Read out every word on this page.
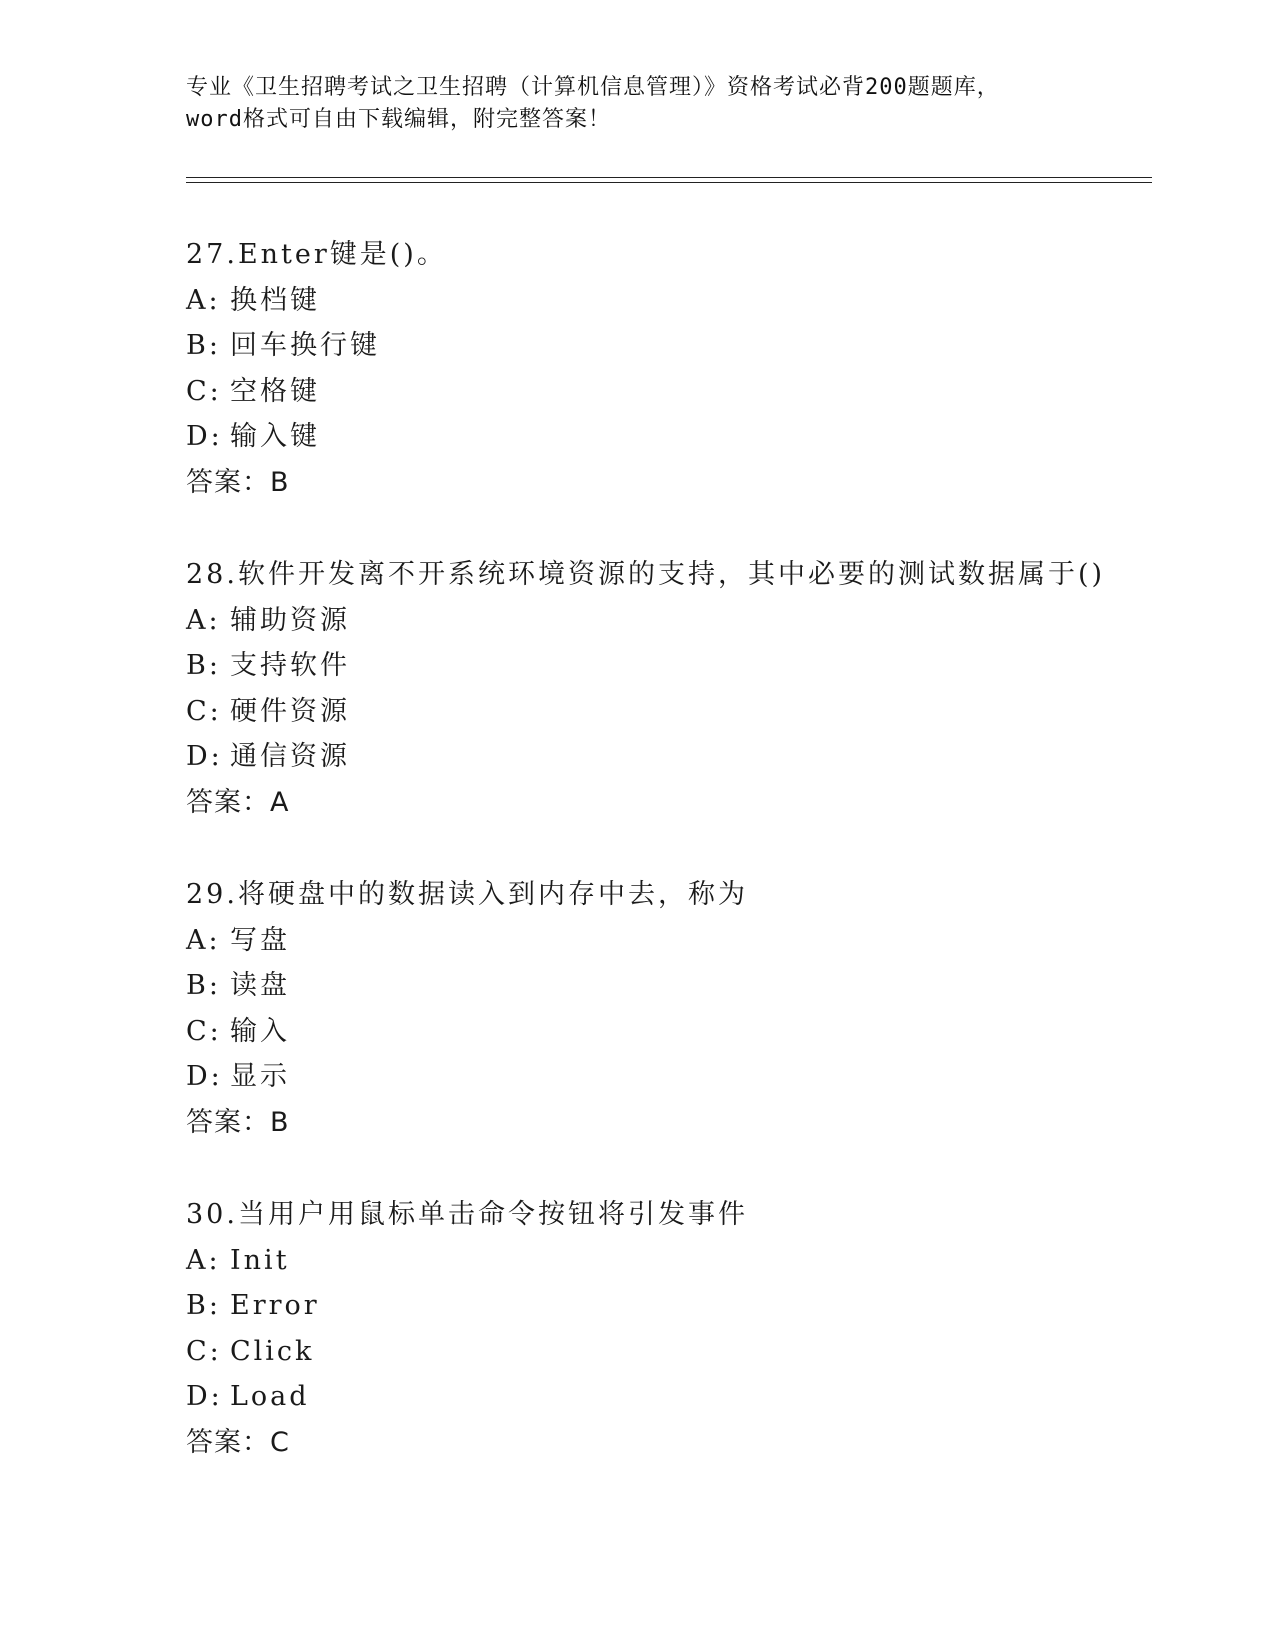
专业《卫生招聘考试之卫生招聘（计算机信息管理）》资格考试必背200题题库，
word格式可自由下载编辑，附完整答案！
27.Enter键是()。
A: 换档键
B: 回车换行键
C: 空格键
D: 输入键
答案：B
28.软件开发离不开系统环境资源的支持，其中必要的测试数据属于()
A: 辅助资源
B: 支持软件
C: 硬件资源
D: 通信资源
答案：A
29.将硬盘中的数据读入到内存中去，称为
A: 写盘
B: 读盘
C: 输入
D: 显示
答案：B
30.当用户用鼠标单击命令按钮将引发事件
A: Init
B: Error
C: Click
D: Load
答案：C
